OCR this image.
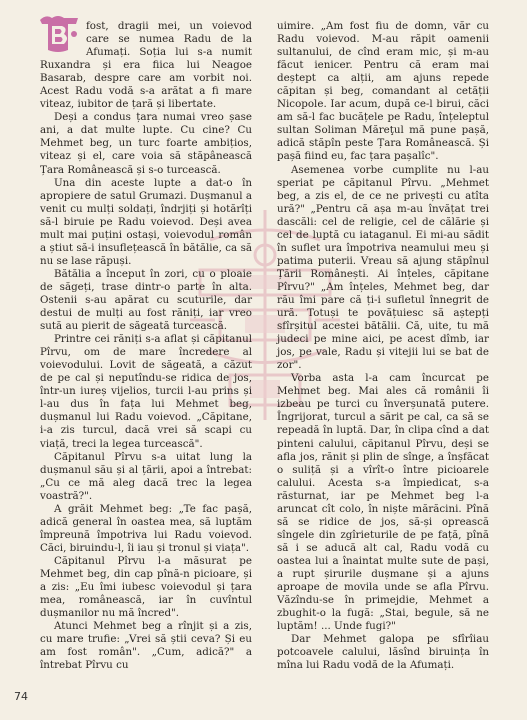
fost, dragii mei, un voievod care se numea Radu de la Afumați. Soția lui s-a numit Ruxandra și era fiica lui Neagoe Basarab, despre care am vorbit noi. Acest Radu vodă s-a arătat a fi mare viteaz, iubitor de țară și libertate.

Deși a condus țara numai vreo șase ani, a dat multe lupte. Cu cine? Cu Mehmet beg, un turc foarte ambițios, viteaz și el, care voia să stăpânească Țara Românească și s-o turcească.

Una din aceste lupte a dat-o în apropiere de satul Grumazi. Dușmanul a venit cu mulți soldați, îndrjiți și hotărîți să-l biruie pe Radu voievod. Deși avea mult mai puțini ostași, voievodul român a știut să-i insuflețească în bătălie, ca să nu se lase răpuși.

Bătălia a început în zori, cu o ploaie de săgeți, trase dintr-o parte în alta. Ostenii s-au apărat cu scuturile, dar destui de mulți au fost răniți, iar vreo sută au pierit de săgeată turcească.

Printre cei răniți s-a aflat și căpitanul Pîrvu, om de mare încredere al voievodului. Lovit de săgeată, a căzut de pe cal și neputîndu-se ridica de jos, într-un iureș vijelios, turcii l-au prins și l-au dus în fața lui Mehmet beg, dușmanul lui Radu voievod. „Căpitane, i-a zis turcul, dacă vrei să scapi cu viață, treci la legea turcească".

Căpitanul Pîrvu s-a uitat lung la dușmanul său și al țării, apoi a întrebat: „Cu ce mă aleg dacă trec la legea voastră?".

A grăit Mehmet beg: „Te fac pașă, adică general în oastea mea, să luptăm împreună împotriva lui Radu voievod. Căci, biruindu-l, îi iau și tronul și viața".

Căpitanul Pîrvu l-a măsurat pe Mehmet beg, din cap pînă-n picioare, și a zis: „Eu îmi iubesc voievodul și țara mea, românească, iar în cuvîntul dușmanilor nu mă încred".

Atunci Mehmet beg a rînjit și a zis, cu mare trufie: „Vrei să știi ceva? Și eu am fost român". „Cum, adică?" a întrebat Pîrvu cu

uimire. „Am fost fiu de domn, văr cu Radu voievod. M-au răpit oamenii sultanului, de cînd eram mic, și m-au făcut ienicer. Pentru că eram mai deștept ca alții, am ajuns repede căpitan și beg, comandant al cetății Nicopole. Iar acum, după ce-l birui, căci am să-l fac bucățele pe Radu, înțeleptul sultan Soliman Măreţul mă pune pașă, adică stăpîn peste Țara Românească. Și pașă fiind eu, fac țara pașalîc".

Asemenea vorbe cumplite nu l-au speriat pe căpitanul Pîrvu. „Mehmet beg, a zis el, de ce ne privești cu atîta ură?" „Pentru că așa m-au învățat trei dascăli: cel de religie, cel de călărie și cel de luptă cu iataganul. Ei mi-au sădit în suflet ura împotriva neamului meu și patima puterii. Vreau să ajung stăpînul Țării Românești. Ai înțeles, căpitane Pîrvu?" „Am înțeles, Mehmet beg, dar rău îmi pare că ți-i sufletul înnegrit de ură. Totuși te povățuiesc să aștepți sfîrșitul acestei bătălii. Că, uite, tu mă judeci pe mine aici, pe acest dîmb, iar jos, pe vale, Radu și vitejii lui se bat de zor".

Vorba asta l-a cam încurcat pe Mehmet beg. Mai ales că românii îi izbeau pe turci cu înverșunată putere. Îngrijorat, turcul a sărit pe cal, ca să se repeadă în luptă. Dar, în clipa cînd a dat pinteni calului, căpitanul Pîrvu, deși se afla jos, rănit și plin de sînge, a înșfăcat o suliță și a vîrît-o între picioarele calului. Acesta s-a împiedicat, s-a răsturnat, iar pe Mehmet beg l-a aruncat cît colo, în niște mărăcini. Pînă să se ridice de jos, să-și oprească sîngele din zgîrieturile de pe față, pînă să i se aducă alt cal, Radu vodă cu oastea lui a înaintat multe sute de pași, a rupt șirurile dușmane și a ajuns aproape de movila unde se afla Pîrvu. Văzîndu-se în primejdie, Mehmet a zbughit-o la fugă: „Stai, begule, să ne luptăm! ... Unde fugi?"

Dar Mehmet galopa pe sfîrîiau potcoavele calului, lăsînd biruința în mîna lui Radu vodă de la Afumați.

74
